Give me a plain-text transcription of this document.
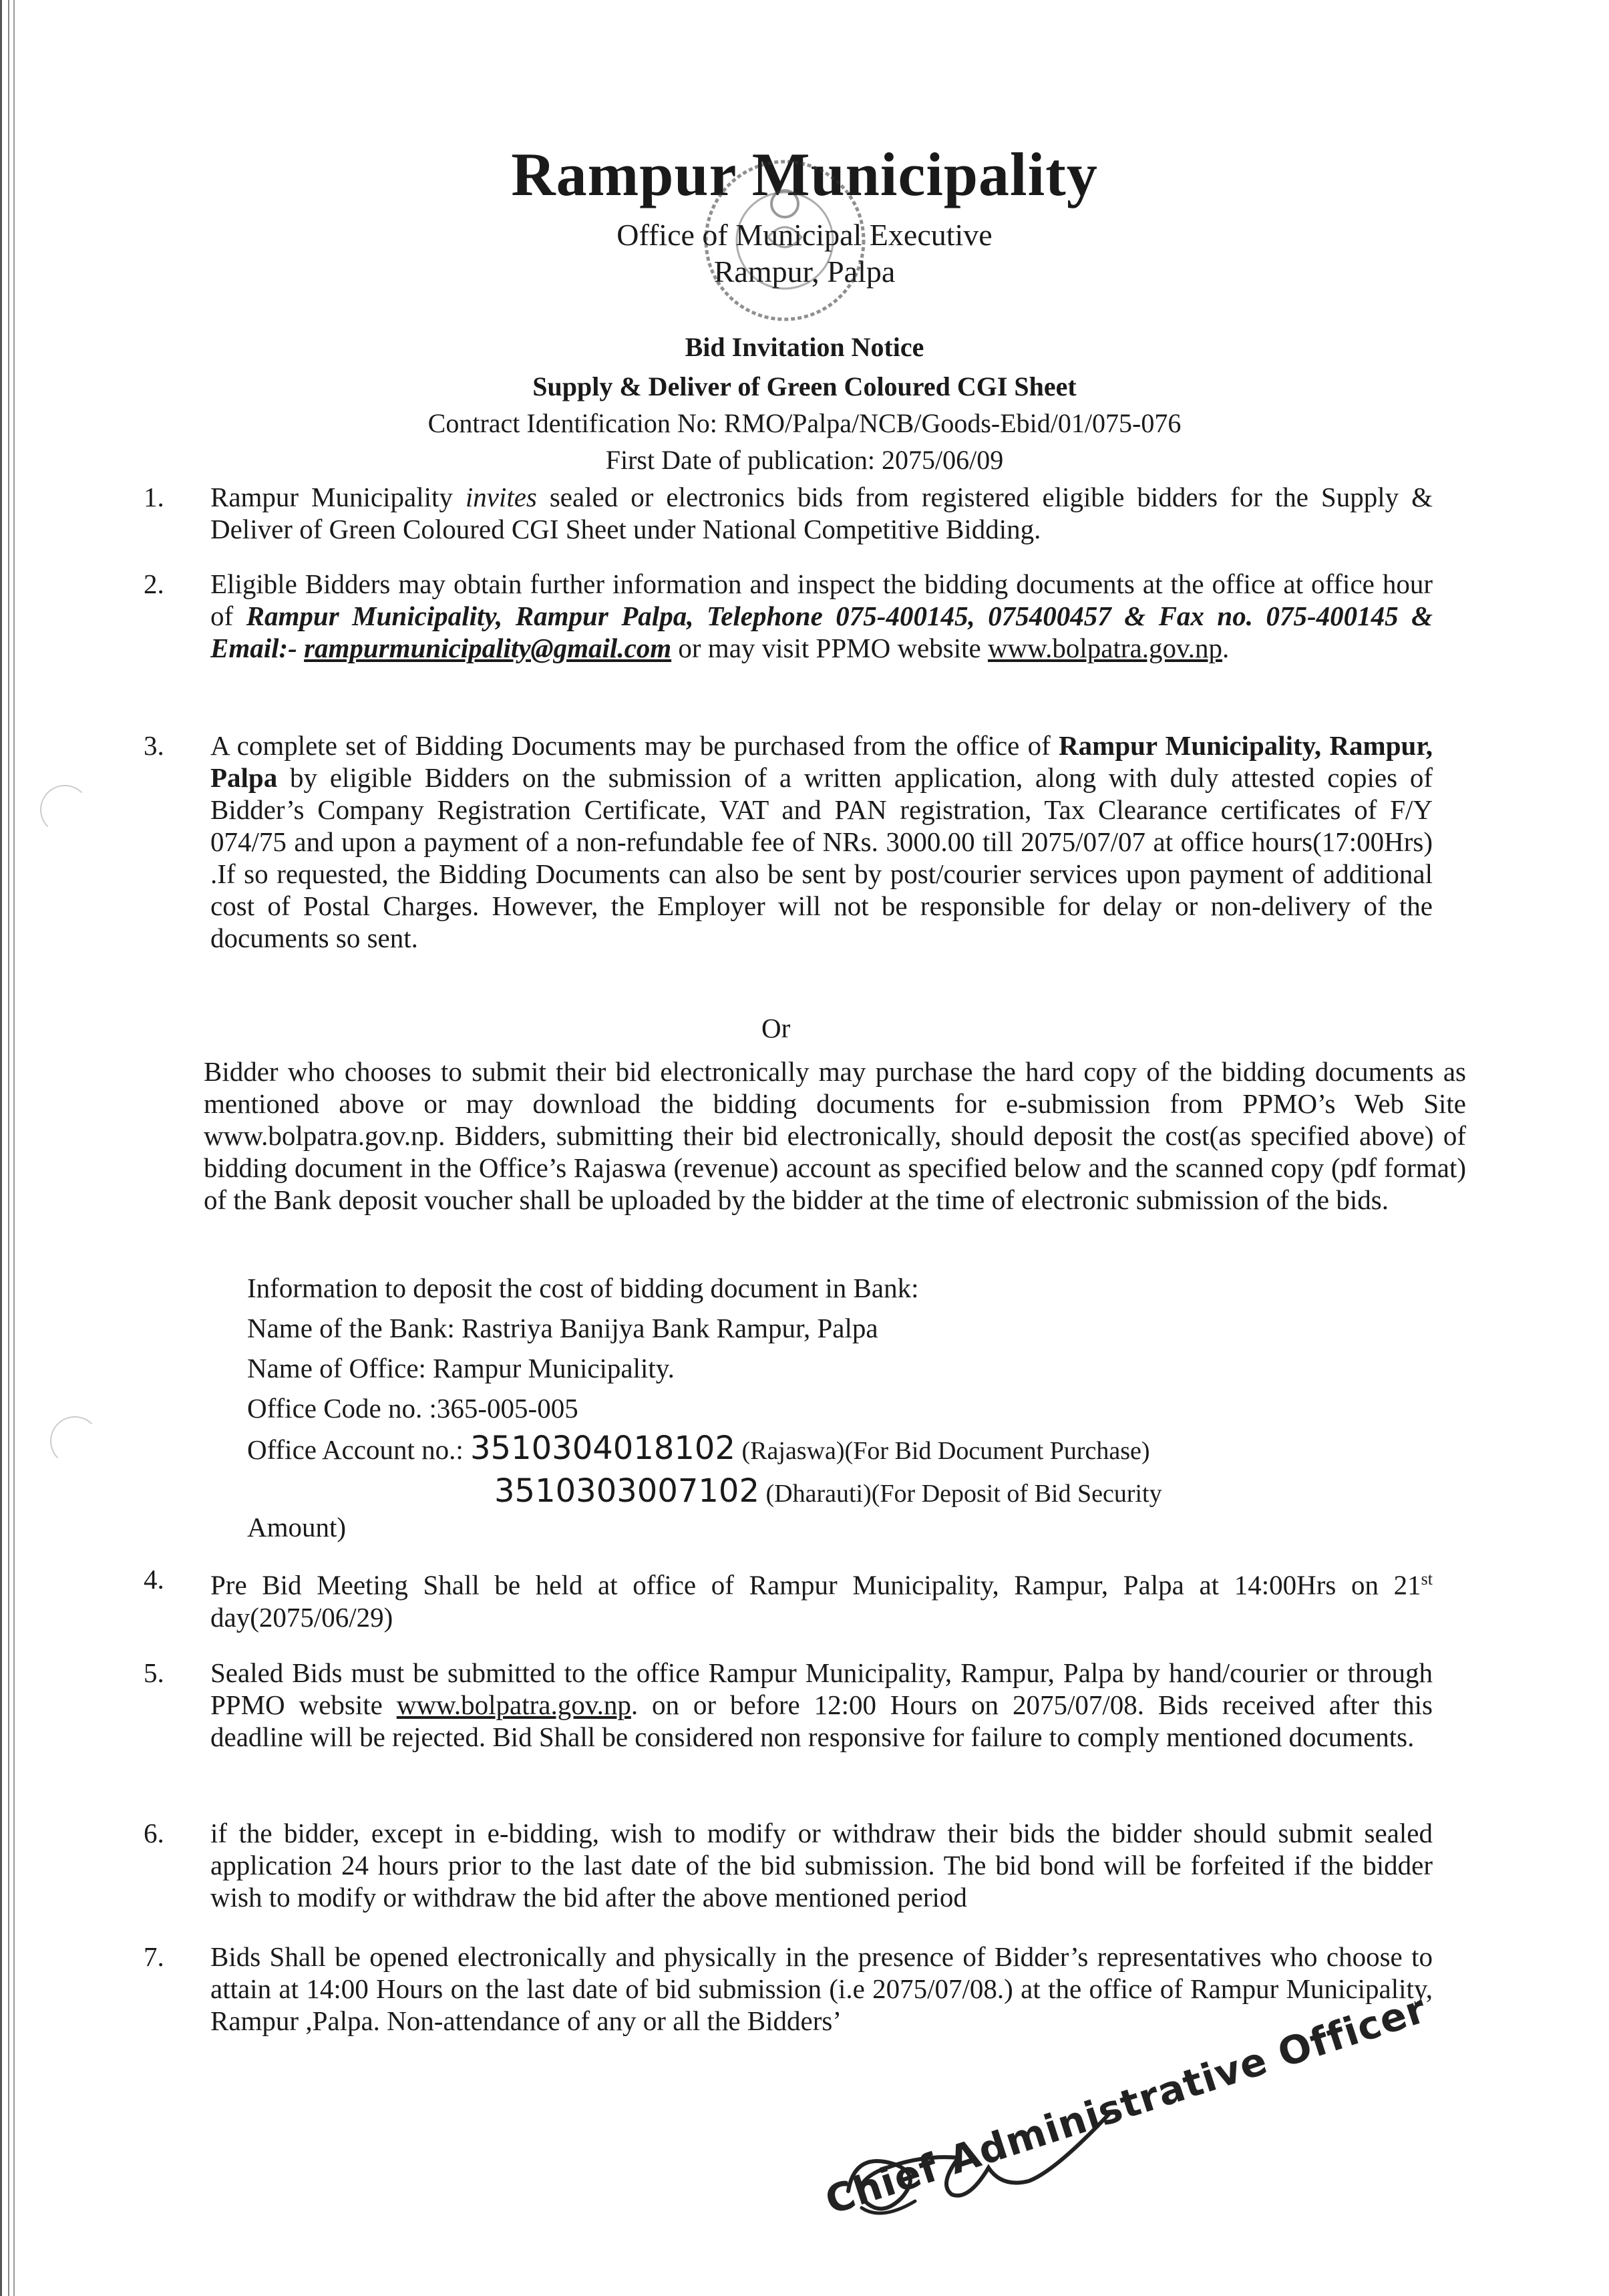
Rampur Municipality
Office of Municipal Executive
Rampur, Palpa
Bid Invitation Notice
Supply & Deliver of Green Coloured CGI Sheet
Contract Identification No: RMO/Palpa/NCB/Goods-Ebid/01/075-076
First Date of publication: 2075/06/09
1. Rampur Municipality invites sealed or electronics bids from registered eligible bidders for the Supply & Deliver of Green Coloured CGI Sheet under National Competitive Bidding.
2. Eligible Bidders may obtain further information and inspect the bidding documents at the office at office hour of Rampur Municipality, Rampur Palpa, Telephone 075-400145, 075400457 & Fax no. 075-400145 & Email:- rampurmunicipality@gmail.com or may visit PPMO website www.bolpatra.gov.np.
3. A complete set of Bidding Documents may be purchased from the office of Rampur Municipality, Rampur, Palpa by eligible Bidders on the submission of a written application, along with duly attested copies of Bidder’s Company Registration Certificate, VAT and PAN registration, Tax Clearance certificates of F/Y 074/75 and upon a payment of a non-refundable fee of NRs. 3000.00 till 2075/07/07 at office hours(17:00Hrs) .If so requested, the Bidding Documents can also be sent by post/courier services upon payment of additional cost of Postal Charges. However, the Employer will not be responsible for delay or non-delivery of the documents so sent.
Or
Bidder who chooses to submit their bid electronically may purchase the hard copy of the bidding documents as mentioned above or may download the bidding documents for e-submission from PPMO’s Web Site www.bolpatra.gov.np. Bidders, submitting their bid electronically, should deposit the cost(as specified above) of bidding document in the Office’s Rajaswa (revenue) account as specified below and the scanned copy (pdf format) of the Bank deposit voucher shall be uploaded by the bidder at the time of electronic submission of the bids.
Information to deposit the cost of bidding document in Bank:
Name of the Bank: Rastriya Banijya Bank Rampur, Palpa
Name of Office: Rampur Municipality.
Office Code no. :365-005-005
Office Account no.: 3510304018102 (Rajaswa)(For Bid Document Purchase)
3510303007102 (Dharauti)(For Deposit of Bid Security
Amount)
4. Pre Bid Meeting Shall be held at office of Rampur Municipality, Rampur, Palpa at 14:00Hrs on 21st day(2075/06/29)
5. Sealed Bids must be submitted to the office Rampur Municipality, Rampur, Palpa by hand/courier or through PPMO website www.bolpatra.gov.np. on or before 12:00 Hours on 2075/07/08. Bids received after this deadline will be rejected. Bid Shall be considered non responsive for failure to comply mentioned documents.
6. if the bidder, except in e-bidding, wish to modify or withdraw their bids the bidder should submit sealed application 24 hours prior to the last date of the bid submission. The bid bond will be forfeited if the bidder wish to modify or withdraw the bid after the above mentioned period
7. Bids Shall be opened electronically and physically in the presence of Bidder’s representatives who choose to attain at 14:00 Hours on the last date of bid submission (i.e 2075/07/08.) at the office of Rampur Municipality, Rampur ,Palpa. Non-attendance of any or all the Bidders’
Chief Administrative Officer
